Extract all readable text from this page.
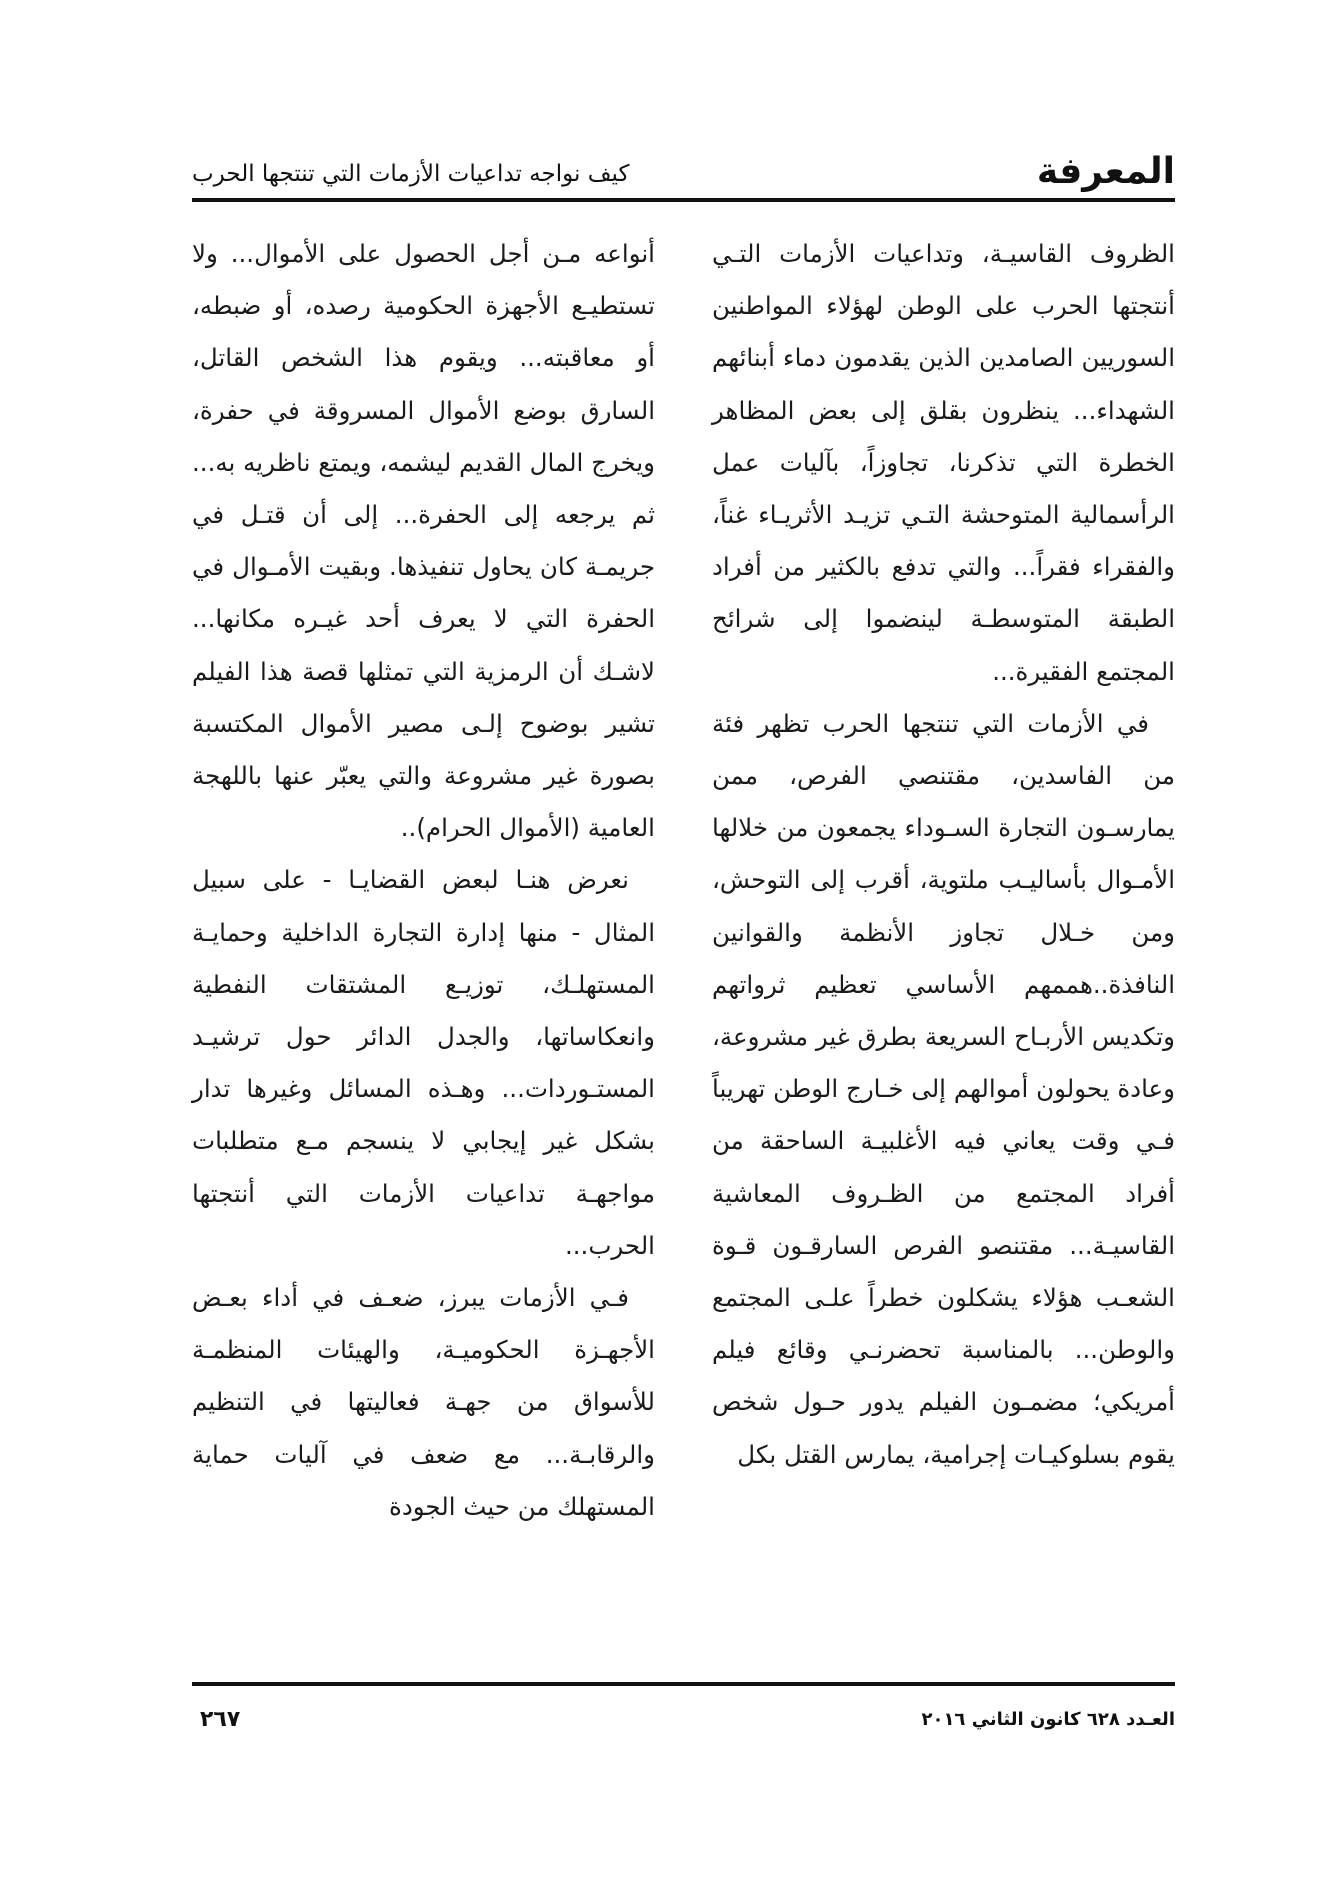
المعرفة
كيف نواجه تداعيات الأزمات التي تنتجها الحرب

الظروف القاسيـة، وتداعيات الأزمات التـي أنتجتها الحرب على الوطن لهؤلاء المواطنين السوريين الصامدين الذين يقدمون دماء أبنائهم الشهداء... ينظرون بقلق إلى بعض المظاهر الخطرة التي تذكرنا، تجاوزاً، بآليات عمل الرأسمالية المتوحشة التـي تزيـد الأثريـاء غناً، والفقراء فقراً... والتي تدفع بالكثير من أفراد الطبقة المتوسطـة لينضموا إلى شرائح المجتمع الفقيرة...

في الأزمات التي تنتجها الحرب تظهر فئة من الفاسدين، مقتنصي الفرص، ممن يمارسـون التجارة السـوداء يجمعون من خلالها الأمـوال بأساليـب ملتوية، أقرب إلى التوحش، ومن خـلال تجاوز الأنظمة والقوانين النافذة..هممهم الأساسي تعظيم ثرواتهم وتكديس الأربـاح السريعة بطرق غير مشروعة، وعادة يحولون أموالهم إلى خـارج الوطن تهريباً فـي وقت يعاني فيه الأغلبيـة الساحقة من أفراد المجتمع من الظـروف المعاشية القاسيـة... مقتنصو الفرص السارقـون قـوة الشعـب هؤلاء يشكلون خطراً علـى المجتمع والوطن... بالمناسبة تحضرنـي وقائع فيلم أمريكي؛ مضمـون الفيلم يدور حـول شخص يقوم بسلوكيـات إجرامية، يمارس القتل بكل

أنواعه مـن أجل الحصول على الأموال... ولا تستطيـع الأجهزة الحكومية رصده، أو ضبطه، أو معاقبته... ويقوم هذا الشخص القاتل، السارق بوضع الأموال المسروقة في حفرة، ويخرج المال القديم ليشمه، ويمتع ناظريه به... ثم يرجعه إلى الحفرة... إلى أن قتـل في جريمـة كان يحاول تنفيذها. وبقيت الأمـوال في الحفرة التي لا يعرف أحد غيـره مكانها... لاشـك أن الرمزية التي تمثلها قصة هذا الفيلم تشير بوضوح إلـى مصير الأموال المكتسبة بصورة غير مشروعة والتي يعبّر عنها باللهجة العامية (الأموال الحرام)..

نعرض هنـا لبعض القضايـا - على سبيل المثال - منها إدارة التجارة الداخلية وحمايـة المستهلـك، توزيـع المشتقات النفطية وانعكاساتها، والجدل الدائر حول ترشيـد المستـوردات... وهـذه المسائل وغيرها تدار بشكل غير إيجابي لا ينسجم مـع متطلبات مواجهـة تداعيات الأزمات التي أنتجتها الحرب...

فـي الأزمات يبرز، ضعـف في أداء بعـض الأجهـزة الحكوميـة، والهيئات المنظمـة للأسواق من جهـة فعاليتها في التنظيم والرقابـة... مع ضعف في آليات حماية المستهلك من حيث الجودة

العـدد ٦٢٨ كانون الثاني ٢٠١٦
٢٦٧
